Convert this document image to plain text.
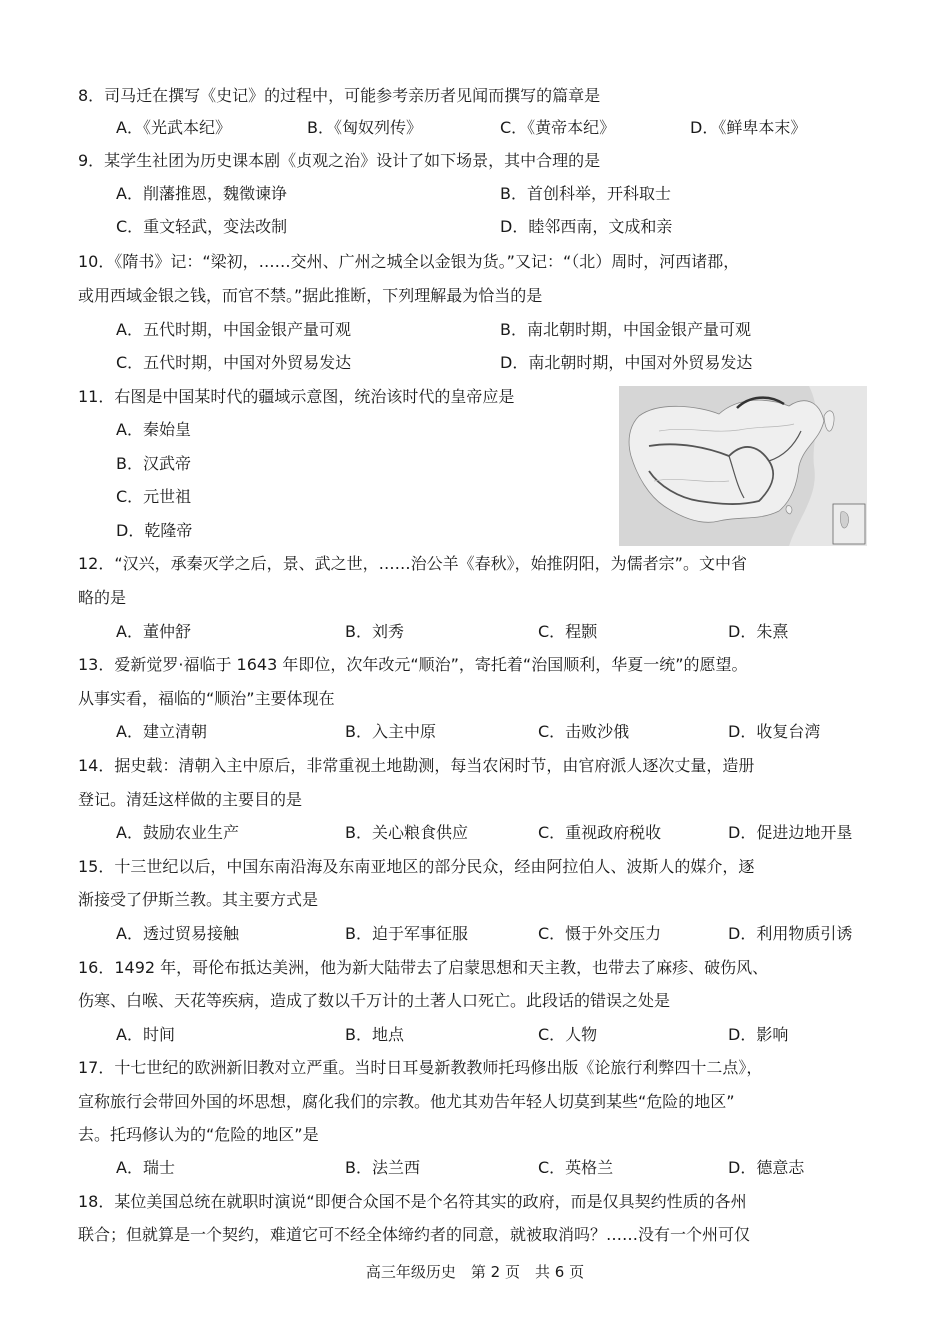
8．司马迁在撰写《史记》的过程中，可能参考亲历者见闻而撰写的篇章是
A．《光武本纪》	B．《匈奴列传》	C．《黄帝本纪》	D．《鲜卑本末》
9．某学生社团为历史课本剧《贞观之治》设计了如下场景，其中合理的是
A．削藩推恩，魏徵谏诤	B．首创科举，开科取士
C．重文轻武，变法改制	D．睦邻西南，文成和亲
10．《隋书》记：“梁初，……交州、广州之城全以金银为货。”又记：“（北）周时，河西诸郡，
或用西域金银之钱，而官不禁。”据此推断，下列理解最为恰当的是
A．五代时期，中国金银产量可观	B．南北朝时期，中国金银产量可观
C．五代时期，中国对外贸易发达	D．南北朝时期，中国对外贸易发达
11．右图是中国某时代的疆域示意图，统治该时代的皇帝应是
A．秦始皇
B．汉武帝
C．元世祖
D．乾隆帝
12．“汉兴，承秦灭学之后，景、武之世，……治公羊《春秋》，始推阴阳，为儒者宗”。文中省
略的是
A．董仲舒	B．刘秀	C．程颢	D．朱熹
13．爱新觉罗·福临于 1643 年即位，次年改元“顺治”，寄托着“治国顺利，华夏一统”的愿望。
从事实看，福临的“顺治”主要体现在
A．建立清朝	B．入主中原	C．击败沙俄	D．收复台湾
14．据史载：清朝入主中原后，非常重视土地勘测，每当农闲时节，由官府派人逐次丈量，造册
登记。清廷这样做的主要目的是
A．鼓励农业生产	B．关心粮食供应	C．重视政府税收	D．促进边地开垦
15．十三世纪以后，中国东南沿海及东南亚地区的部分民众，经由阿拉伯人、波斯人的媒介，逐
渐接受了伊斯兰教。其主要方式是
A．透过贸易接触	B．迫于军事征服	C．慑于外交压力	D．利用物质引诱
16．1492 年，哥伦布抵达美洲，他为新大陆带去了启蒙思想和天主教，也带去了麻疹、破伤风、
伤寒、白喉、天花等疾病，造成了数以千万计的土著人口死亡。此段话的错误之处是
A．时间	B．地点	C．人物	D．影响
17．十七世纪的欧洲新旧教对立严重。当时日耳曼新教教师托玛修出版《论旅行利弊四十二点》，
宣称旅行会带回外国的坏思想，腐化我们的宗教。他尤其劝告年轻人切莫到某些“危险的地区”
去。托玛修认为的“危险的地区”是
A．瑞士	B．法兰西	C．英格兰	D．德意志
18．某位美国总统在就职时演说“即便合众国不是个名符其实的政府，而是仅具契约性质的各州
联合；但就算是一个契约，难道它可不经全体缔约者的同意，就被取消吗？……没有一个州可仅
高三年级历史　第 2 页　共 6 页
